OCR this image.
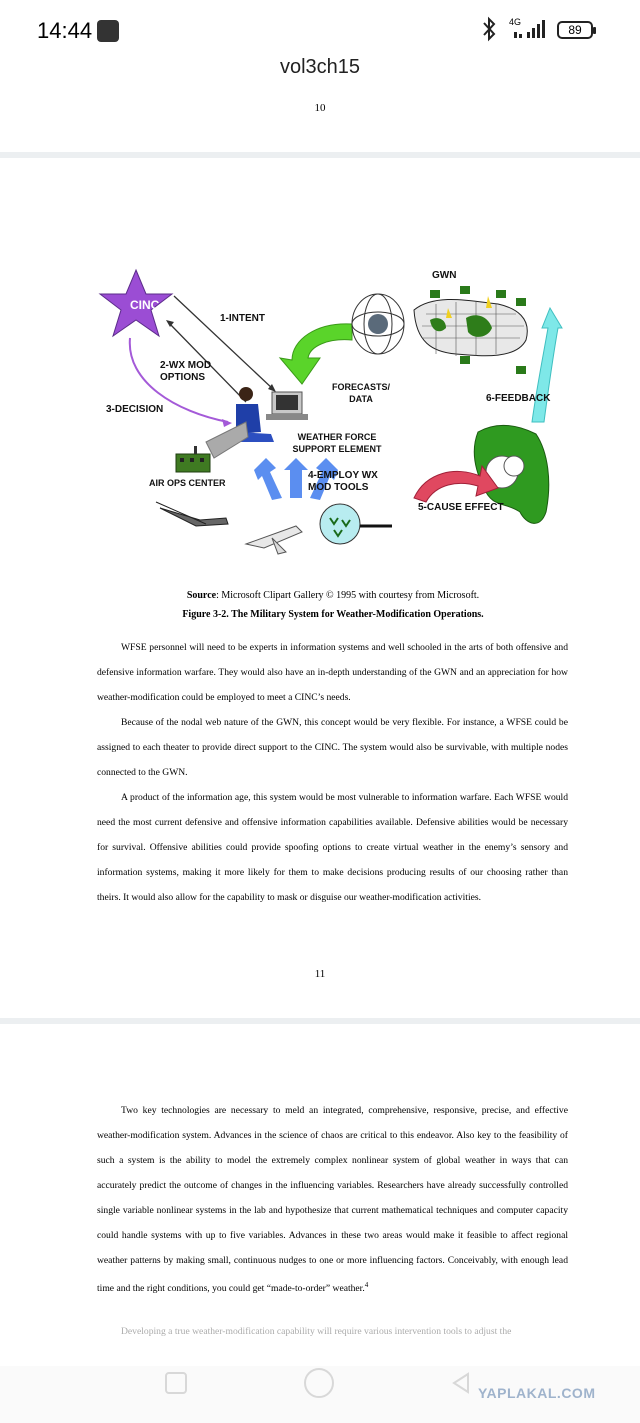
14:44	4G
89
vol3ch15
10
CINC
1-INTENT
2-WX MOD OPTIONS
3-DECISION
GWN
FORECASTS/ DATA	6-FEEDBACK
WEATHER FORCE SUPPORT ELEMENT
AIR OPS CENTER
4-EMPLOY WX MOD TOOLS
5-CAUSE EFFECT
Source: Microsoft Clipart Gallery © 1995 with courtesy from Microsoft.
Figure 3-2. The Military System for Weather-Modification Operations.

WFSE personnel will need to be experts in information systems and well schooled in the arts of both offensive and defensive information warfare. They would also have an in-depth understanding of the GWN and an appreciation for how weather-modification could be employed to meet a CINC’s needs.

Because of the nodal web nature of the GWN, this concept would be very flexible. For instance, a WFSE could be assigned to each theater to provide direct support to the CINC. The system would also be survivable, with multiple nodes connected to the GWN.

A product of the information age, this system would be most vulnerable to information warfare. Each WFSE would need the most current defensive and offensive information capabilities available. Defensive abilities would be necessary for survival. Offensive abilities could provide spoofing options to create virtual weather in the enemy’s sensory and information systems, making it more likely for them to make decisions producing results of our choosing rather than theirs. It would also allow for the capability to mask or disguise our weather-modification activities.

11

Two key technologies are necessary to meld an integrated, comprehensive, responsive, precise, and effective weather-modification system. Advances in the science of chaos are critical to this endeavor. Also key to the feasibility of such a system is the ability to model the extremely complex nonlinear system of global weather in ways that can accurately predict the outcome of changes in the influencing variables. Researchers have already successfully controlled single variable nonlinear systems in the lab and hypothesize that current mathematical techniques and computer capacity could handle systems with up to five variables. Advances in these two areas would make it feasible to affect regional weather patterns by making small, continuous nudges to one or more influencing factors. Conceivably, with enough lead time and the right conditions, you could get “made-to-order” weather.$^4$

Developing a true weather-modification capability will require various intervention tools to adjust the
YAPLAKAL.COM
